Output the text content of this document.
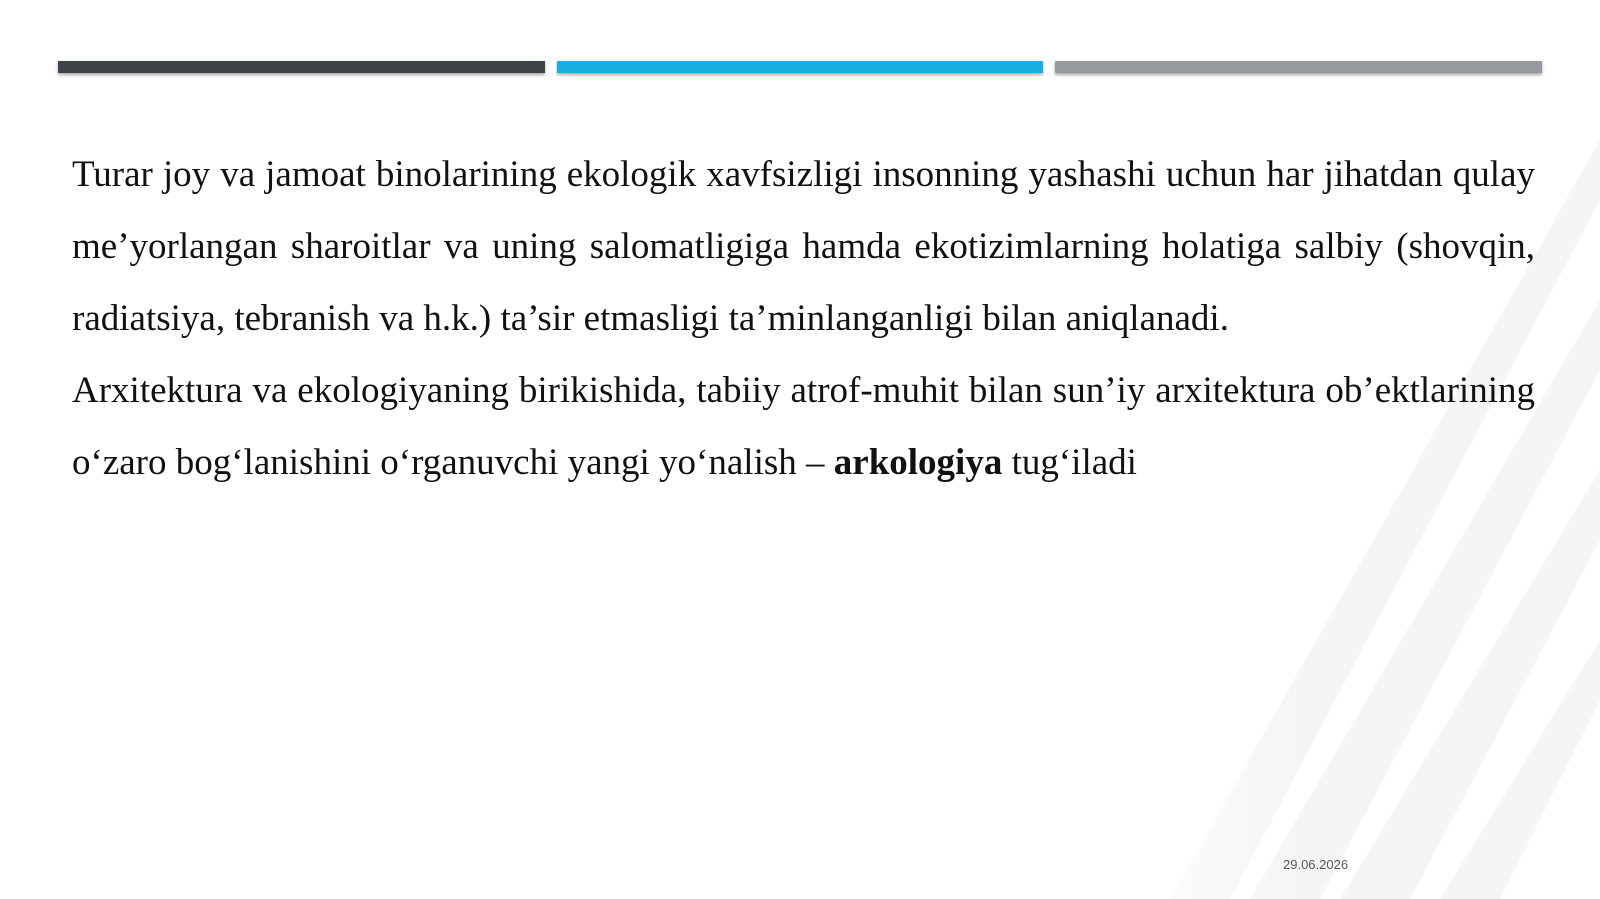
Turar joy va jamoat binolarining ekologik xavfsizligi insonning yashashi uchun har jihatdan qulay me’yorlangan sharoitlar va uning salomatligiga hamda ekotizimlarning holatiga salbiy (shovqin, radiatsiya, tebranish va h.k.) ta’sir etmasligi ta’minlanganligi bilan aniqlanadi.

Arxitektura va ekologiyaning birikishida, tabiiy atrof-muhit bilan sun’iy arxitektura ob’ektlarining o‘zaro bog‘lanishini o‘rganuvchi yangi yo‘nalish – arkologiya tug‘iladi

29.06.2026
